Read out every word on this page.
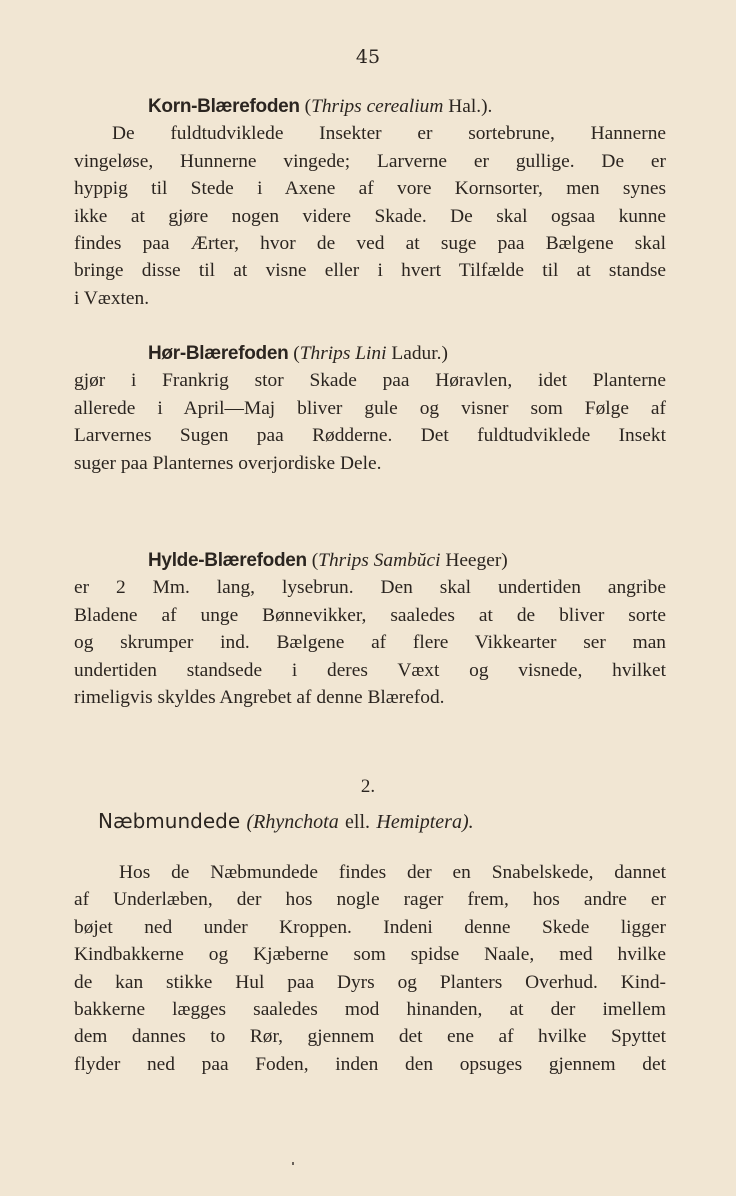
45
Korn-Blærefoden (Thrips cerealium Hal.).
De fuldtudviklede Insekter er sortebrune, Hannerne
vingeløse, Hunnerne vingede; Larverne er gullige. De er
hyppig til Stede i Axene af vore Kornsorter, men synes
ikke at gjøre nogen videre Skade. De skal ogsaa kunne
findes paa Ærter, hvor de ved at suge paa Bælgene skal
bringe disse til at visne eller i hvert Tilfælde til at standse
i Væxten.
Hør-Blærefoden (Thrips Lini Ladur.)
gjør i Frankrig stor Skade paa Høravlen, idet Planterne
allerede i April—Maj bliver gule og visner som Følge af
Larvernes Sugen paa Rødderne. Det fuldtudviklede Insekt
suger paa Planternes overjordiske Dele.
Hylde-Blærefoden (Thrips Sambŭci Heeger)
er 2 Mm. lang, lysebrun. Den skal undertiden angribe
Bladene af unge Bønnevikker, saaledes at de bliver sorte
og skrumper ind. Bælgene af flere Vikkearter ser man
undertiden standsede i deres Væxt og visnede, hvilket
rimeligvis skyldes Angrebet af denne Blærefod.
2.
Næbmundede (Rhynchota ell. Hemiptera).
Hos de Næbmundede findes der en Snabelskede, dannet
af Underlæben, der hos nogle rager frem, hos andre er
bøjet ned under Kroppen. Indeni denne Skede ligger
Kindbakkerne og Kjæberne som spidse Naale, med hvilke
de kan stikke Hul paa Dyrs og Planters Overhud. Kind-
bakkerne lægges saaledes mod hinanden, at der imellem
dem dannes to Rør, gjennem det ene af hvilke Spyttet
flyder ned paa Foden, inden den opsuges gjennem det
